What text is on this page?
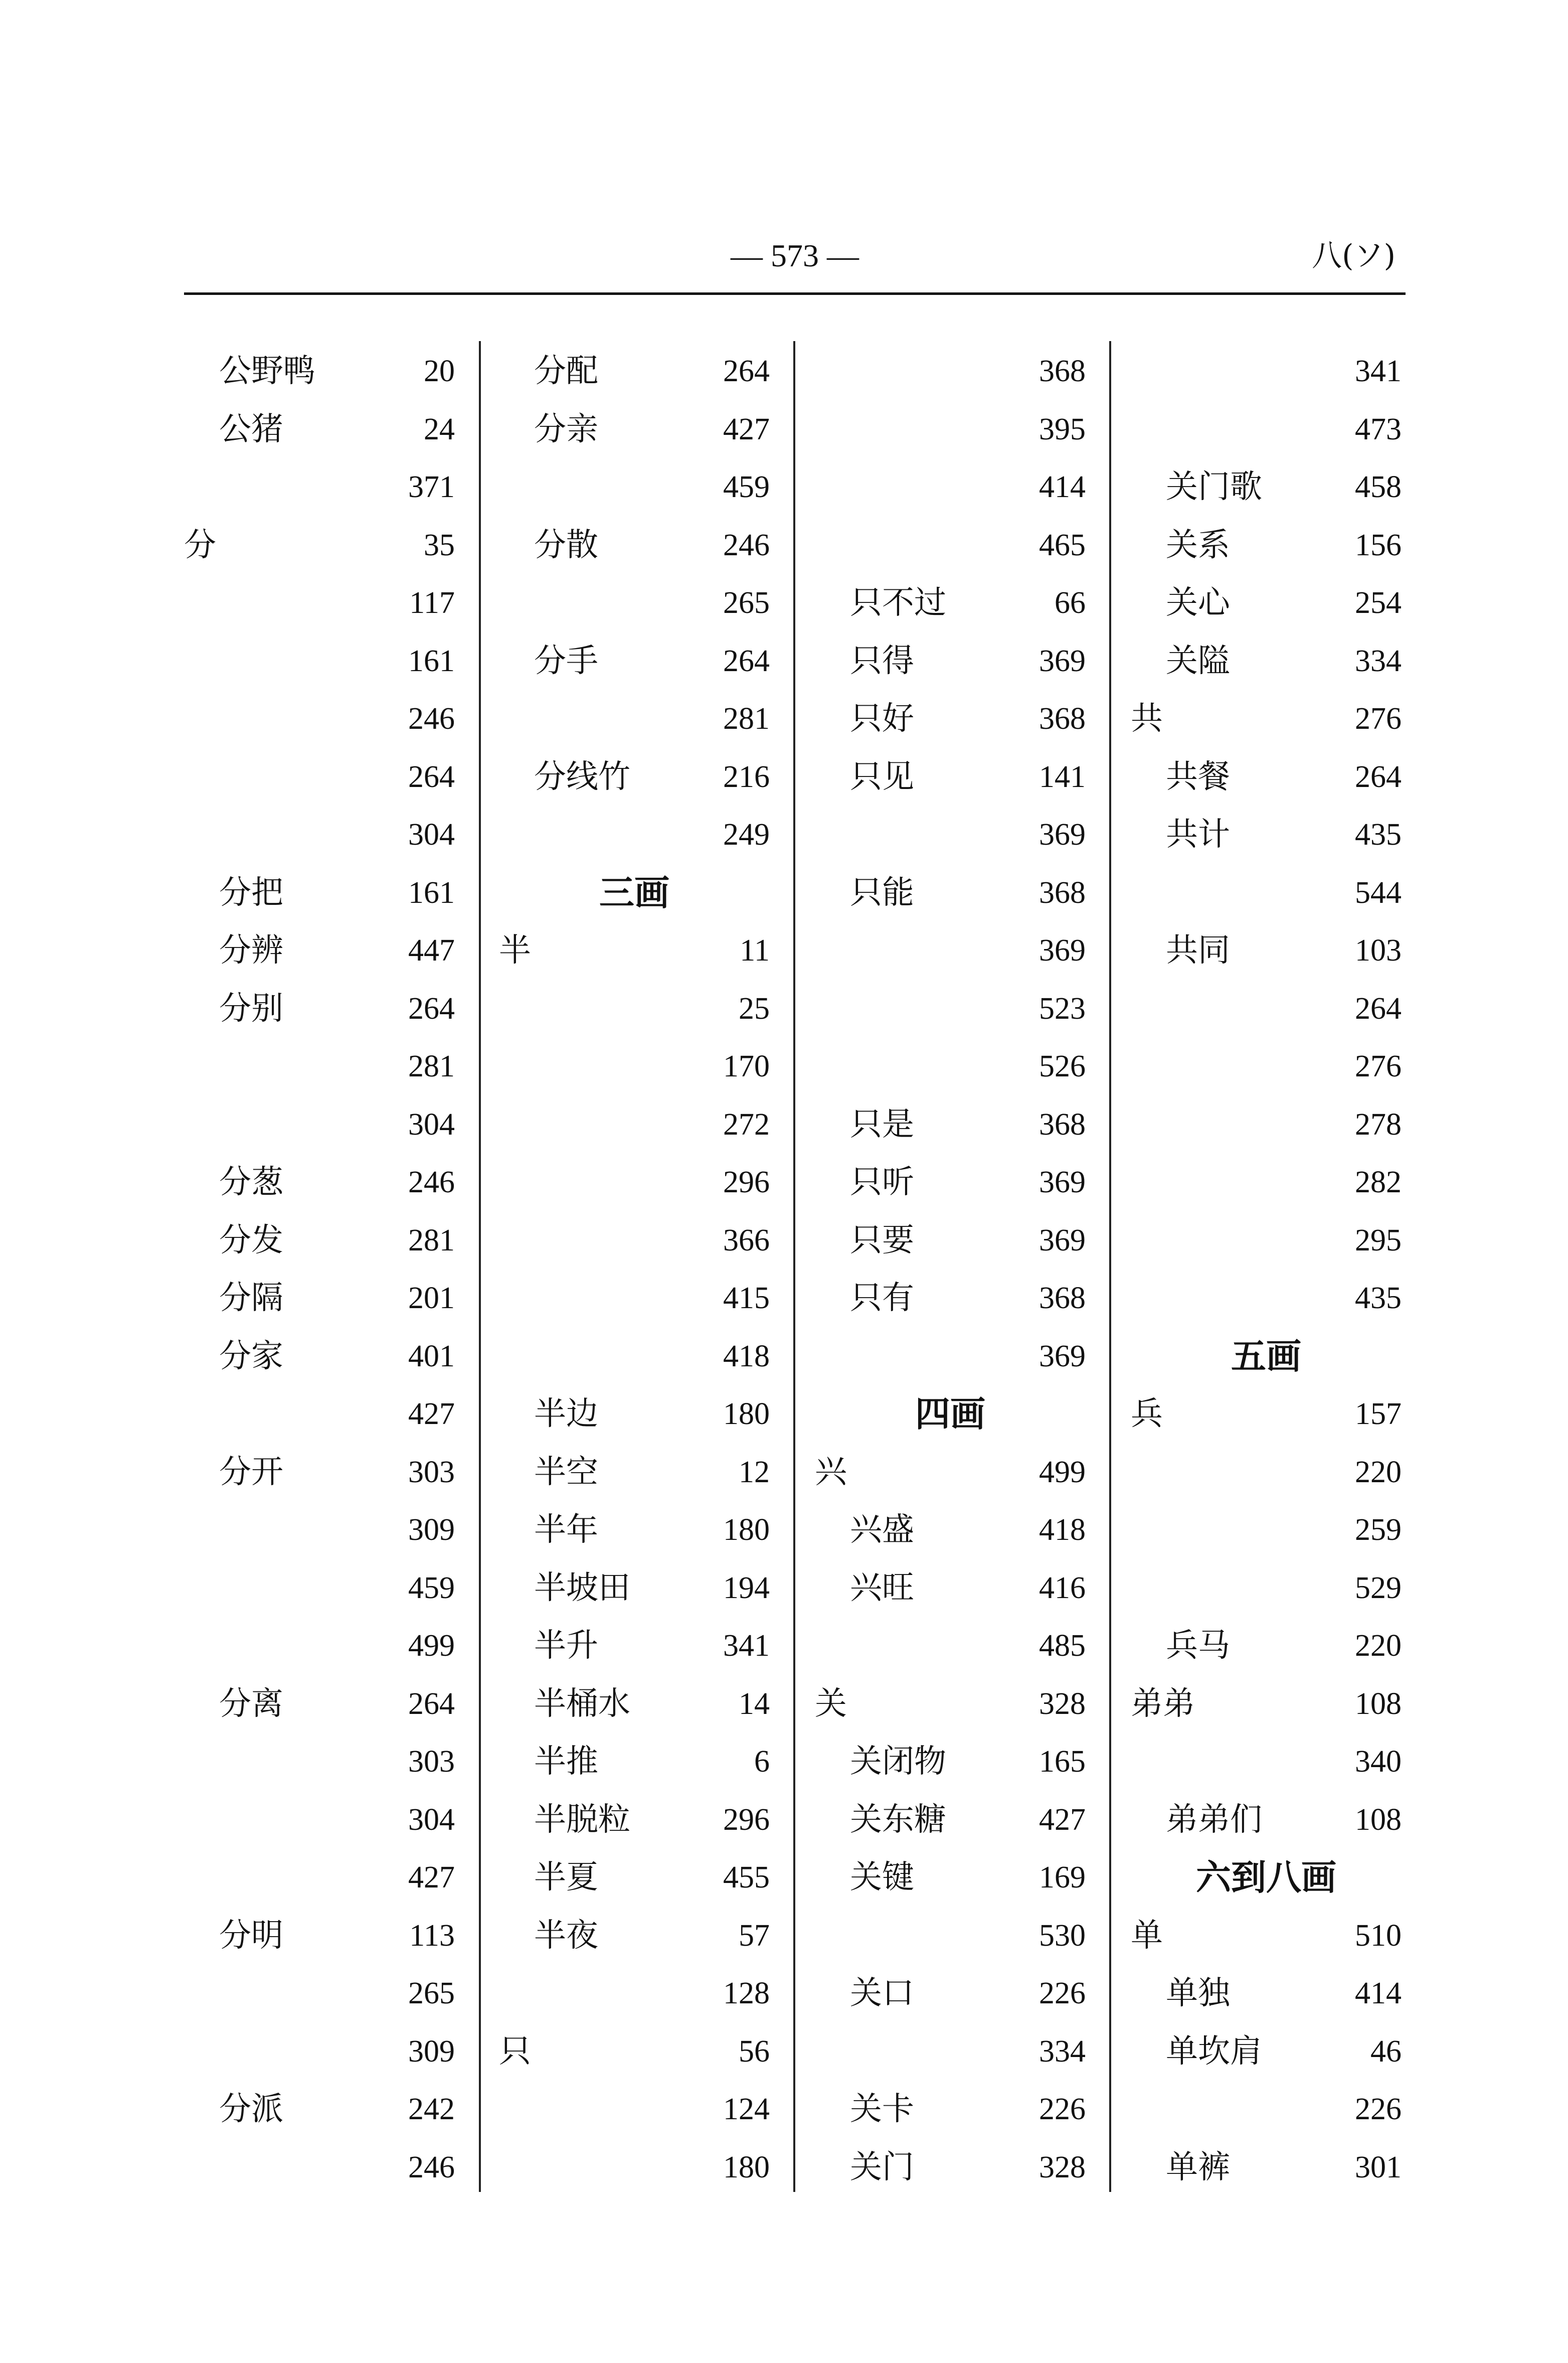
— 573 —	八(ソ)
公野鸭	20
公猪	24
371
分	35
117
161
246
264
304
分把	161
分辨	447
分别	264
281
304
分葱	246
分发	281
分隔	201
分家	401
427
分开	303
309
459
499
分离	264
303
304
427
分明	113
265
309
分派	242
246
分配	264
分亲	427
459
分散	246
265
分手	264
281
分线竹	216
249
三画
半	11
25
170
272
296
366
415
418
半边	180
半空	12
半年	180
半坡田	194
半升	341
半桶水	14
半推	6
半脱粒	296
半夏	455
半夜	57
128
只	56
124
180
368
395
414
465
只不过	66
只得	369
只好	368
只见	141
369
只能	368
369
523
526
只是	368
只听	369
只要	369
只有	368
369
四画
兴	499
兴盛	418
兴旺	416
485
关	328
关闭物	165
关东糖	427
关键	169
530
关口	226
334
关卡	226
关门	328
341
473
关门歌	458
关系	156
关心	254
关隘	334
共	276
共餐	264
共计	435
544
共同	103
264
276
278
282
295
435
五画
兵	157
220
259
529
兵马	220
弟弟	108
340
弟弟们	108
六到八画
单	510
单独	414
单坎肩	46
226
单裤	301
